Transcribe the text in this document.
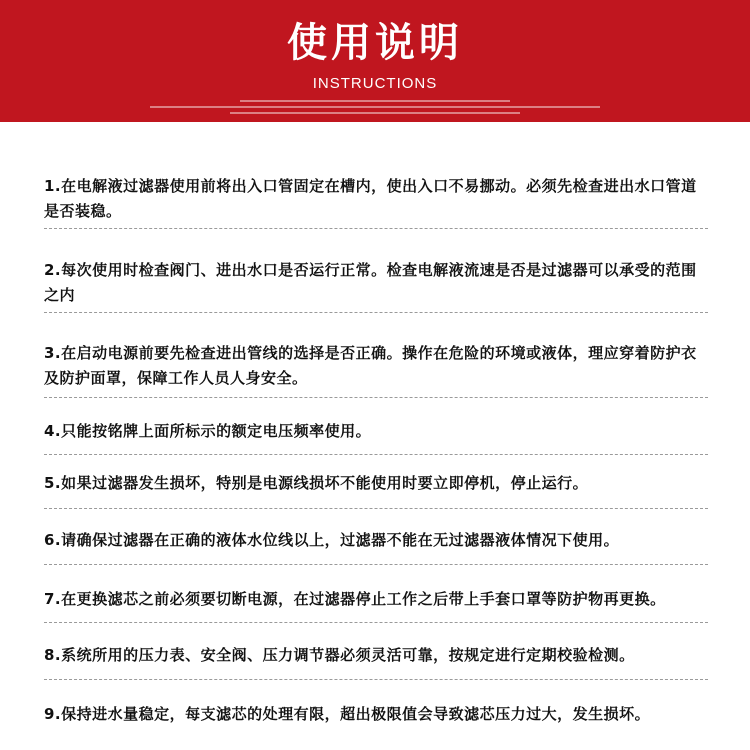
使用说明
INSTRUCTIONS
1.在电解液过滤器使用前将出入口管固定在槽内，使出入口不易挪动。必须先检查进出水口管道是否装稳。
2.每次使用时检查阀门、进出水口是否运行正常。检查电解液流速是否是过滤器可以承受的范围之内
3.在启动电源前要先检查进出管线的选择是否正确。操作在危险的环境或液体，理应穿着防护衣及防护面罩，保障工作人员人身安全。
4.只能按铭牌上面所标示的额定电压频率使用。
5.如果过滤器发生损坏，特别是电源线损坏不能使用时要立即停机，停止运行。
6.请确保过滤器在正确的液体水位线以上，过滤器不能在无过滤器液体情况下使用。
7.在更换滤芯之前必须要切断电源，在过滤器停止工作之后带上手套口罩等防护物再更换。
8.系统所用的压力表、安全阀、压力调节器必须灵活可靠，按规定进行定期校验检测。
9.保持进水量稳定，每支滤芯的处理有限，超出极限值会导致滤芯压力过大，发生损坏。
